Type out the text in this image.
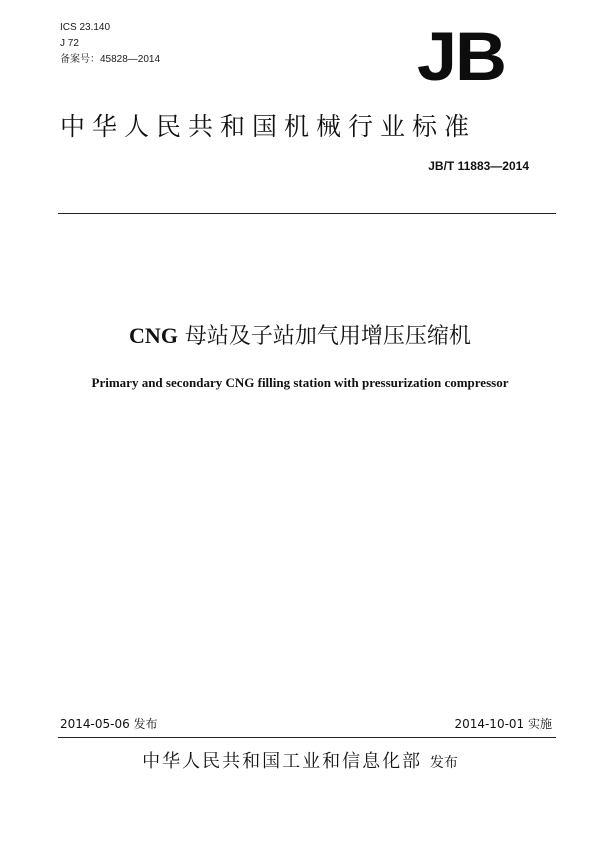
ICS 23.140
J 72
备案号：45828—2014	JB
中华人民共和国机械行业标准
JB/T 11883—2014
CNG 母站及子站加气用增压压缩机
Primary and secondary CNG filling station with pressurization compressor
2014-05-06 发布	2014-10-01 实施
中华人民共和国工业和信息化部 发布
